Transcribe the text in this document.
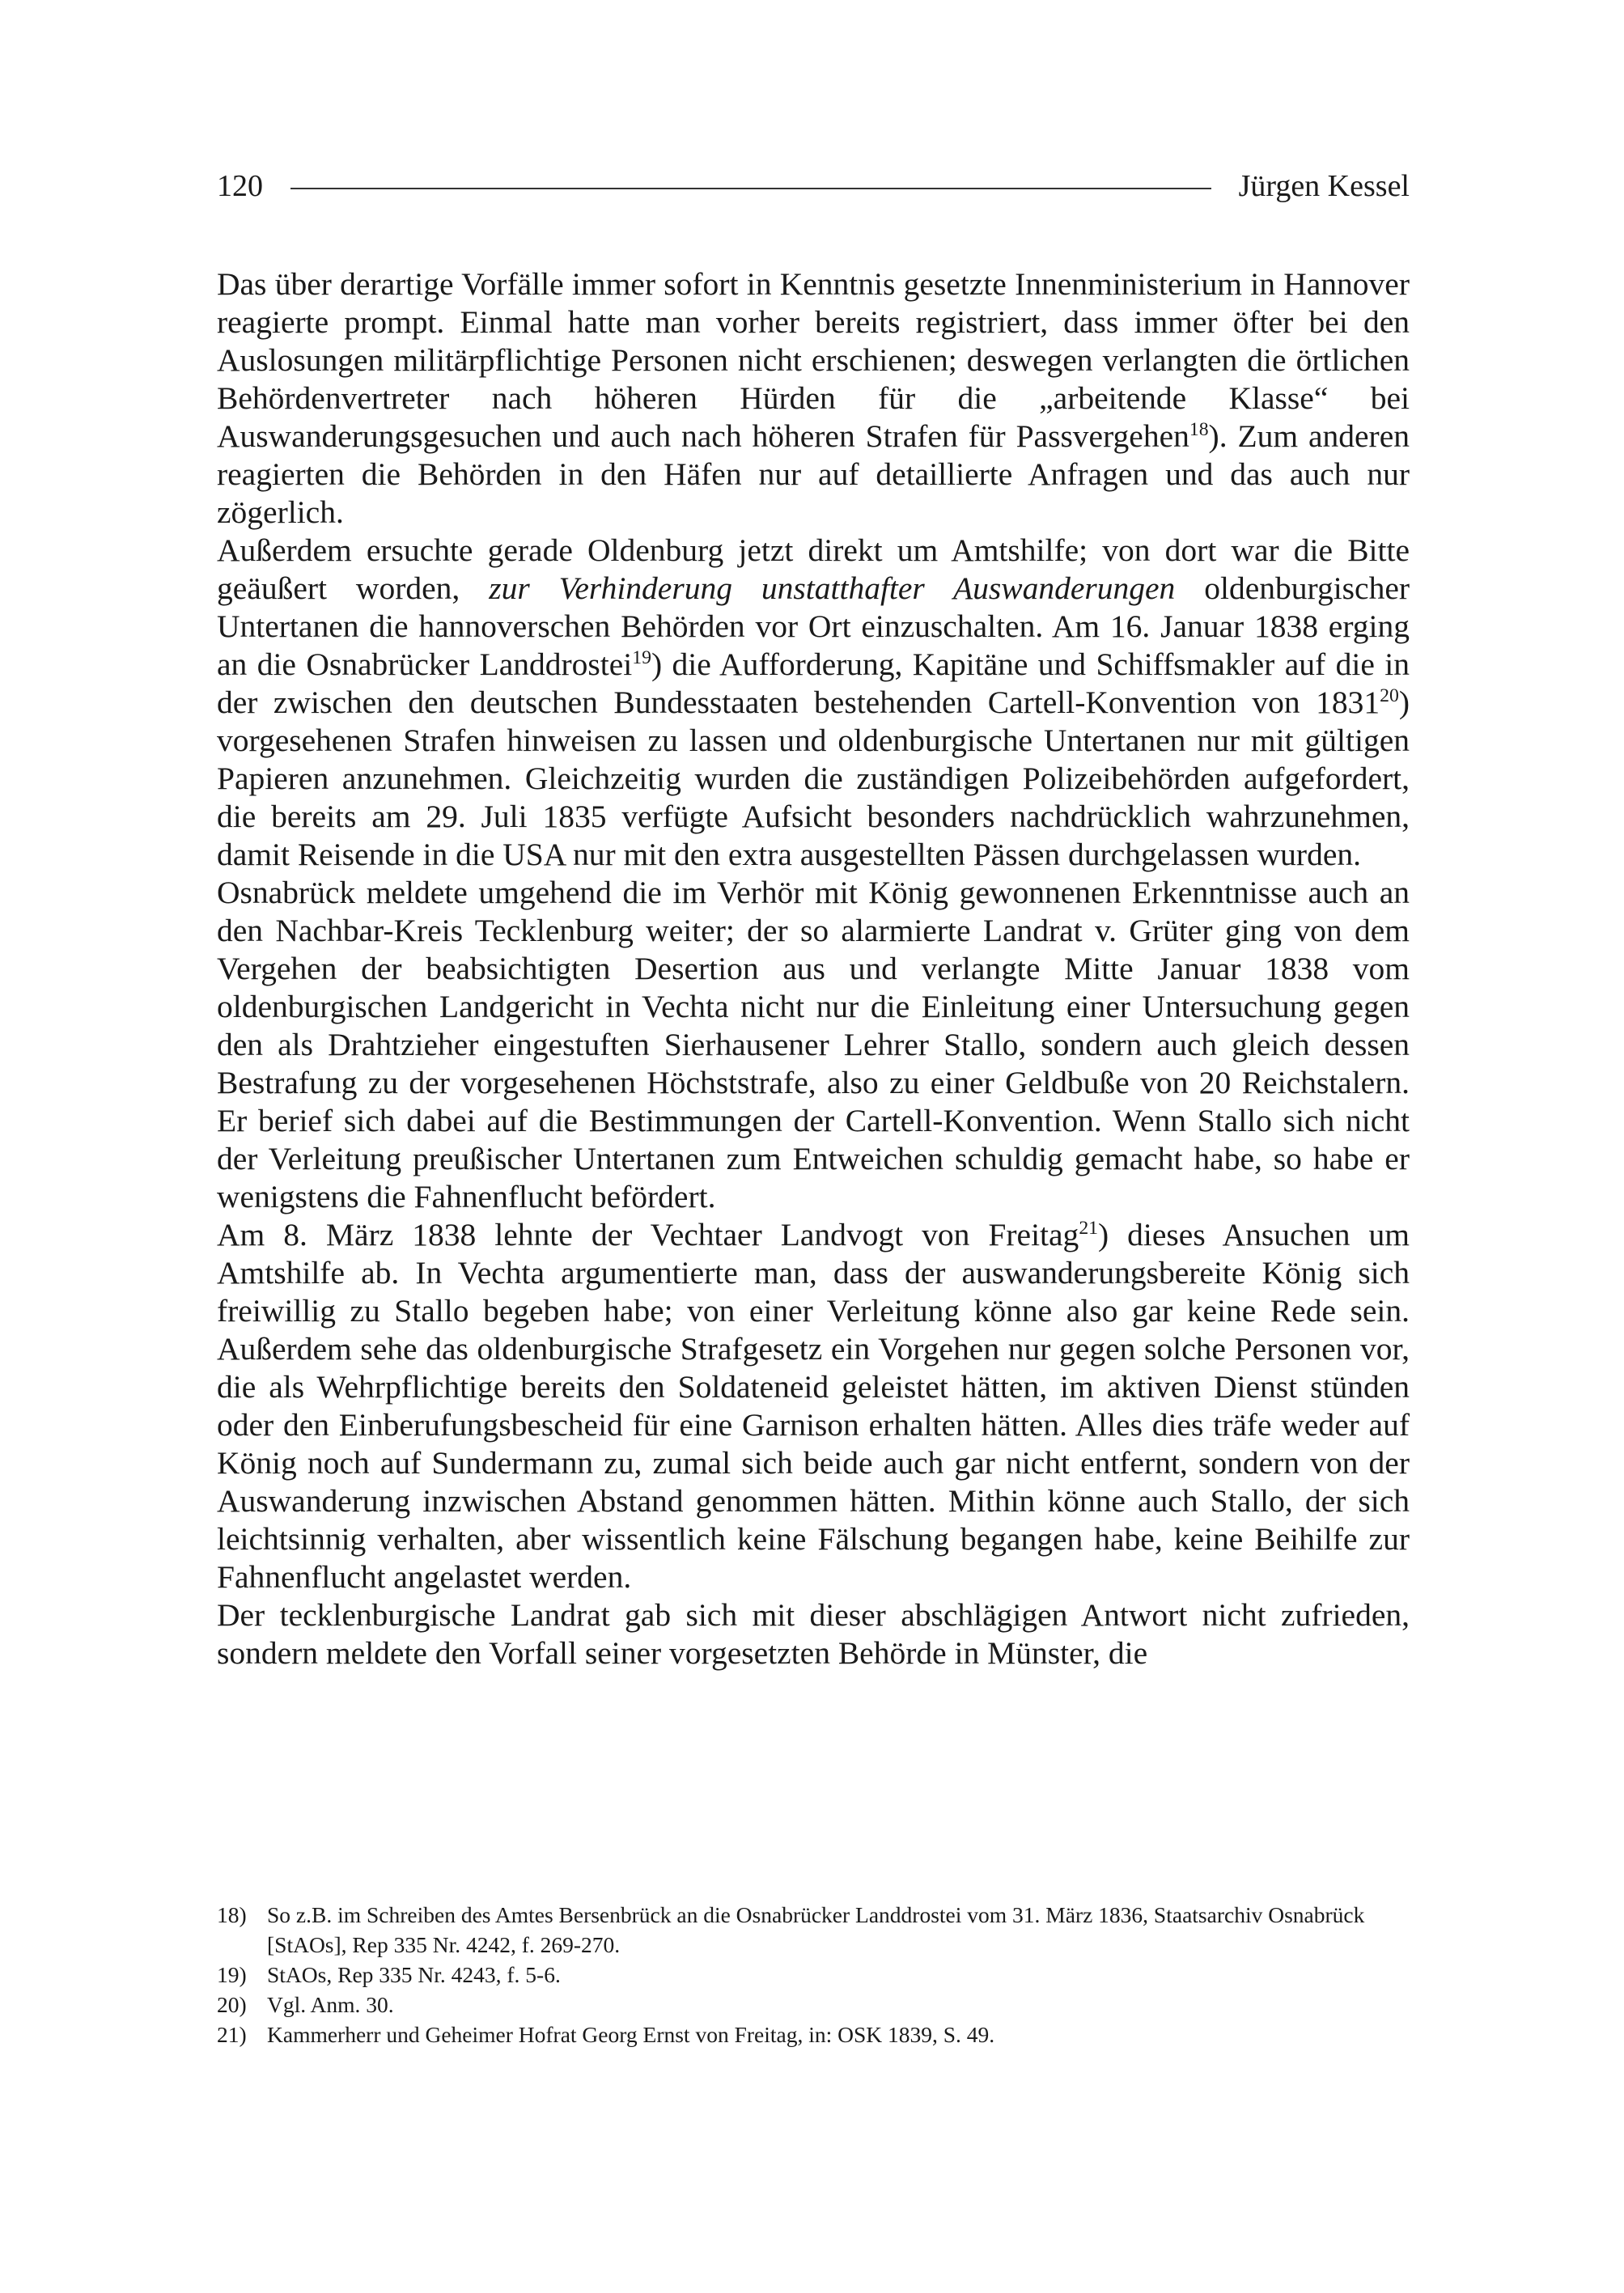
120	Jürgen Kessel

Das über derartige Vorfälle immer sofort in Kenntnis gesetzte Innenministerium in Hannover reagierte prompt. Einmal hatte man vorher bereits registriert, dass immer öfter bei den Auslosungen militärpflichtige Personen nicht erschienen; deswegen verlangten die örtlichen Behördenvertreter nach höheren Hürden für die „arbeitende Klasse“ bei Auswanderungsgesuchen und auch nach höheren Strafen für Passvergehen$^{18}$). Zum anderen reagierten die Behörden in den Häfen nur auf detaillierte Anfragen und das auch nur zögerlich.

Außerdem ersuchte gerade Oldenburg jetzt direkt um Amtshilfe; von dort war die Bitte geäußert worden, zur Verhinderung unstatthafter Auswanderungen oldenburgischer Untertanen die hannoverschen Behörden vor Ort einzuschalten. Am 16. Januar 1838 erging an die Osnabrücker Landdrostei$^{19}$) die Aufforderung, Kapitäne und Schiffsmakler auf die in der zwischen den deutschen Bundesstaaten bestehenden Cartell-Konvention von 1831$^{20}$) vorgesehenen Strafen hinweisen zu lassen und oldenburgische Untertanen nur mit gültigen Papieren anzunehmen. Gleichzeitig wurden die zuständigen Polizeibehörden aufgefordert, die bereits am 29. Juli 1835 verfügte Aufsicht besonders nachdrücklich wahrzunehmen, damit Reisende in die USA nur mit den extra ausgestellten Pässen durchgelassen wurden.

Osnabrück meldete umgehend die im Verhör mit König gewonnenen Erkenntnisse auch an den Nachbar-Kreis Tecklenburg weiter; der so alarmierte Landrat v. Grüter ging von dem Vergehen der beabsichtigten Desertion aus und verlangte Mitte Januar 1838 vom oldenburgischen Landgericht in Vechta nicht nur die Einleitung einer Untersuchung gegen den als Drahtzieher eingestuften Sierhausener Lehrer Stallo, sondern auch gleich dessen Bestrafung zu der vorgesehenen Höchststrafe, also zu einer Geldbuße von 20 Reichstalern. Er berief sich dabei auf die Bestimmungen der Cartell-Konvention. Wenn Stallo sich nicht der Verleitung preußischer Untertanen zum Entweichen schuldig gemacht habe, so habe er wenigstens die Fahnenflucht befördert.

Am 8. März 1838 lehnte der Vechtaer Landvogt von Freitag$^{21}$) dieses Ansuchen um Amtshilfe ab. In Vechta argumentierte man, dass der auswanderungsbereite König sich freiwillig zu Stallo begeben habe; von einer Verleitung könne also gar keine Rede sein. Außerdem sehe das oldenburgische Strafgesetz ein Vorgehen nur gegen solche Personen vor, die als Wehrpflichtige bereits den Soldateneid geleistet hätten, im aktiven Dienst stünden oder den Einberufungsbescheid für eine Garnison erhalten hätten. Alles dies träfe weder auf König noch auf Sundermann zu, zumal sich beide auch gar nicht entfernt, sondern von der Auswanderung inzwischen Abstand genommen hätten. Mithin könne auch Stallo, der sich leichtsinnig verhalten, aber wissentlich keine Fälschung begangen habe, keine Beihilfe zur Fahnenflucht angelastet werden.

Der tecklenburgische Landrat gab sich mit dieser abschlägigen Antwort nicht zufrieden, sondern meldete den Vorfall seiner vorgesetzten Behörde in Münster, die

18) So z.B. im Schreiben des Amtes Bersenbrück an die Osnabrücker Landdrostei vom 31. März 1836, Staatsarchiv Osnabrück [StAOs], Rep 335 Nr. 4242, f. 269-270.
19) StAOs, Rep 335 Nr. 4243, f. 5-6.
20) Vgl. Anm. 30.
21) Kammerherr und Geheimer Hofrat Georg Ernst von Freitag, in: OSK 1839, S. 49.
